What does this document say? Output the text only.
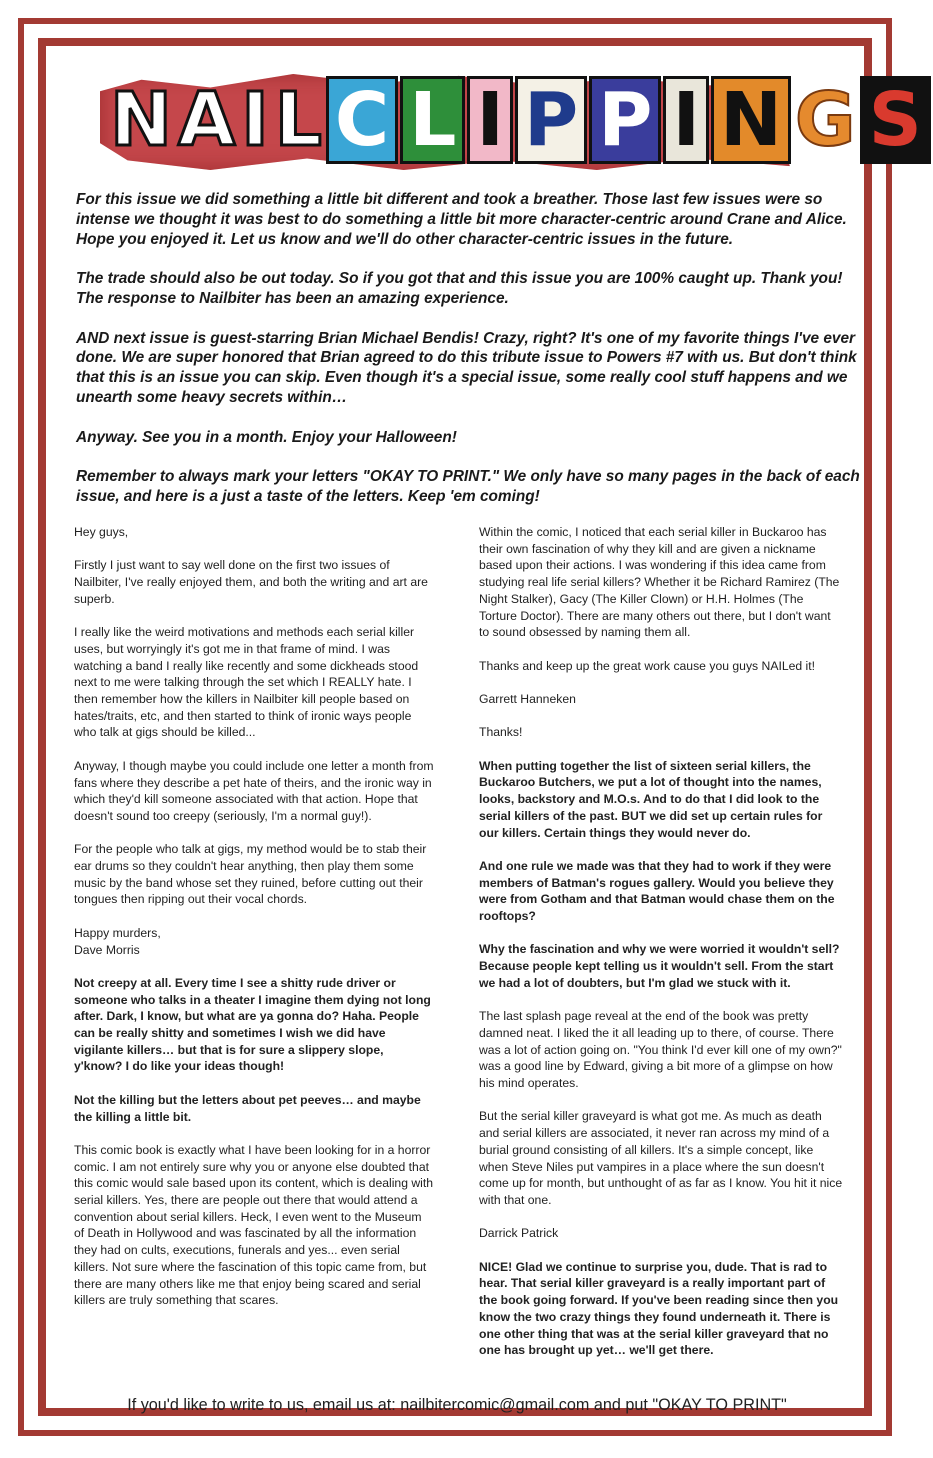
N A I L C L I P P I N G S

For this issue we did something a little bit different and took a breather. Those last few issues were so intense we thought it was best to do something a little bit more character-centric around Crane and Alice. Hope you enjoyed it. Let us know and we'll do other character-centric issues in the future.

The trade should also be out today. So if you got that and this issue you are 100% caught up. Thank you! The response to Nailbiter has been an amazing experience.

AND next issue is guest-starring Brian Michael Bendis! Crazy, right? It's one of my favorite things I've ever done. We are super honored that Brian agreed to do this tribute issue to Powers #7 with us. But don't think that this is an issue you can skip. Even though it's a special issue, some really cool stuff happens and we unearth some heavy secrets within…

Anyway. See you in a month. Enjoy your Halloween!

Remember to always mark your letters "OKAY TO PRINT." We only have so many pages in the back of each issue, and here is a just a taste of the letters. Keep 'em coming!

Hey guys,

Firstly I just want to say well done on the first two issues of Nailbiter, I've really enjoyed them, and both the writing and art are superb.

I really like the weird motivations and methods each serial killer uses, but worryingly it's got me in that frame of mind. I was watching a band I really like recently and some dickheads stood next to me were talking through the set which I REALLY hate. I then remember how the killers in Nailbiter kill people based on hates/traits, etc, and then started to think of ironic ways people who talk at gigs should be killed...

Anyway, I though maybe you could include one letter a month from fans where they describe a pet hate of theirs, and the ironic way in which they'd kill someone associated with that action. Hope that doesn't sound too creepy (seriously, I'm a normal guy!).

For the people who talk at gigs, my method would be to stab their ear drums so they couldn't hear anything, then play them some music by the band whose set they ruined, before cutting out their tongues then ripping out their vocal chords.

Happy murders,
Dave Morris

Not creepy at all. Every time I see a shitty rude driver or someone who talks in a theater I imagine them dying not long after. Dark, I know, but what are ya gonna do? Haha. People can be really shitty and sometimes I wish we did have vigilante killers… but that is for sure a slippery slope, y'know? I do like your ideas though!

Not the killing but the letters about pet peeves… and maybe the killing a little bit.

This comic book is exactly what I have been looking for in a horror comic. I am not entirely sure why you or anyone else doubted that this comic would sale based upon its content, which is dealing with serial killers. Yes, there are people out there that would attend a convention about serial killers. Heck, I even went to the Museum of Death in Hollywood and was fascinated by all the information they had on cults, executions, funerals and yes... even serial killers. Not sure where the fascination of this topic came from, but there are many others like me that enjoy being scared and serial killers are truly something that scares.

Within the comic, I noticed that each serial killer in Buckaroo has their own fascination of why they kill and are given a nickname based upon their actions. I was wondering if this idea came from studying real life serial killers? Whether it be Richard Ramirez (The Night Stalker), Gacy (The Killer Clown) or H.H. Holmes (The Torture Doctor). There are many others out there, but I don't want to sound obsessed by naming them all.

Thanks and keep up the great work cause you guys NAILed it!

Garrett Hanneken

Thanks!

When putting together the list of sixteen serial killers, the Buckaroo Butchers, we put a lot of thought into the names, looks, backstory and M.O.s. And to do that I did look to the serial killers of the past. BUT we did set up certain rules for our killers. Certain things they would never do.

And one rule we made was that they had to work if they were members of Batman's rogues gallery. Would you believe they were from Gotham and that Batman would chase them on the rooftops?

Why the fascination and why we were worried it wouldn't sell? Because people kept telling us it wouldn't sell. From the start we had a lot of doubters, but I'm glad we stuck with it.

The last splash page reveal at the end of the book was pretty damned neat. I liked the it all leading up to there, of course. There was a lot of action going on. "You think I'd ever kill one of my own?" was a good line by Edward, giving a bit more of a glimpse on how his mind operates.

But the serial killer graveyard is what got me. As much as death and serial killers are associated, it never ran across my mind of a burial ground consisting of all killers. It's a simple concept, like when Steve Niles put vampires in a place where the sun doesn't come up for month, but unthought of as far as I know. You hit it nice with that one.

Darrick Patrick

NICE! Glad we continue to surprise you, dude. That is rad to hear. That serial killer graveyard is a really important part of the book going forward. If you've been reading since then you know the two crazy things they found underneath it. There is one other thing that was at the serial killer graveyard that no one has brought up yet… we'll get there.

If you'd like to write to us, email us at: nailbitercomic@gmail.com and put "OKAY TO PRINT"
